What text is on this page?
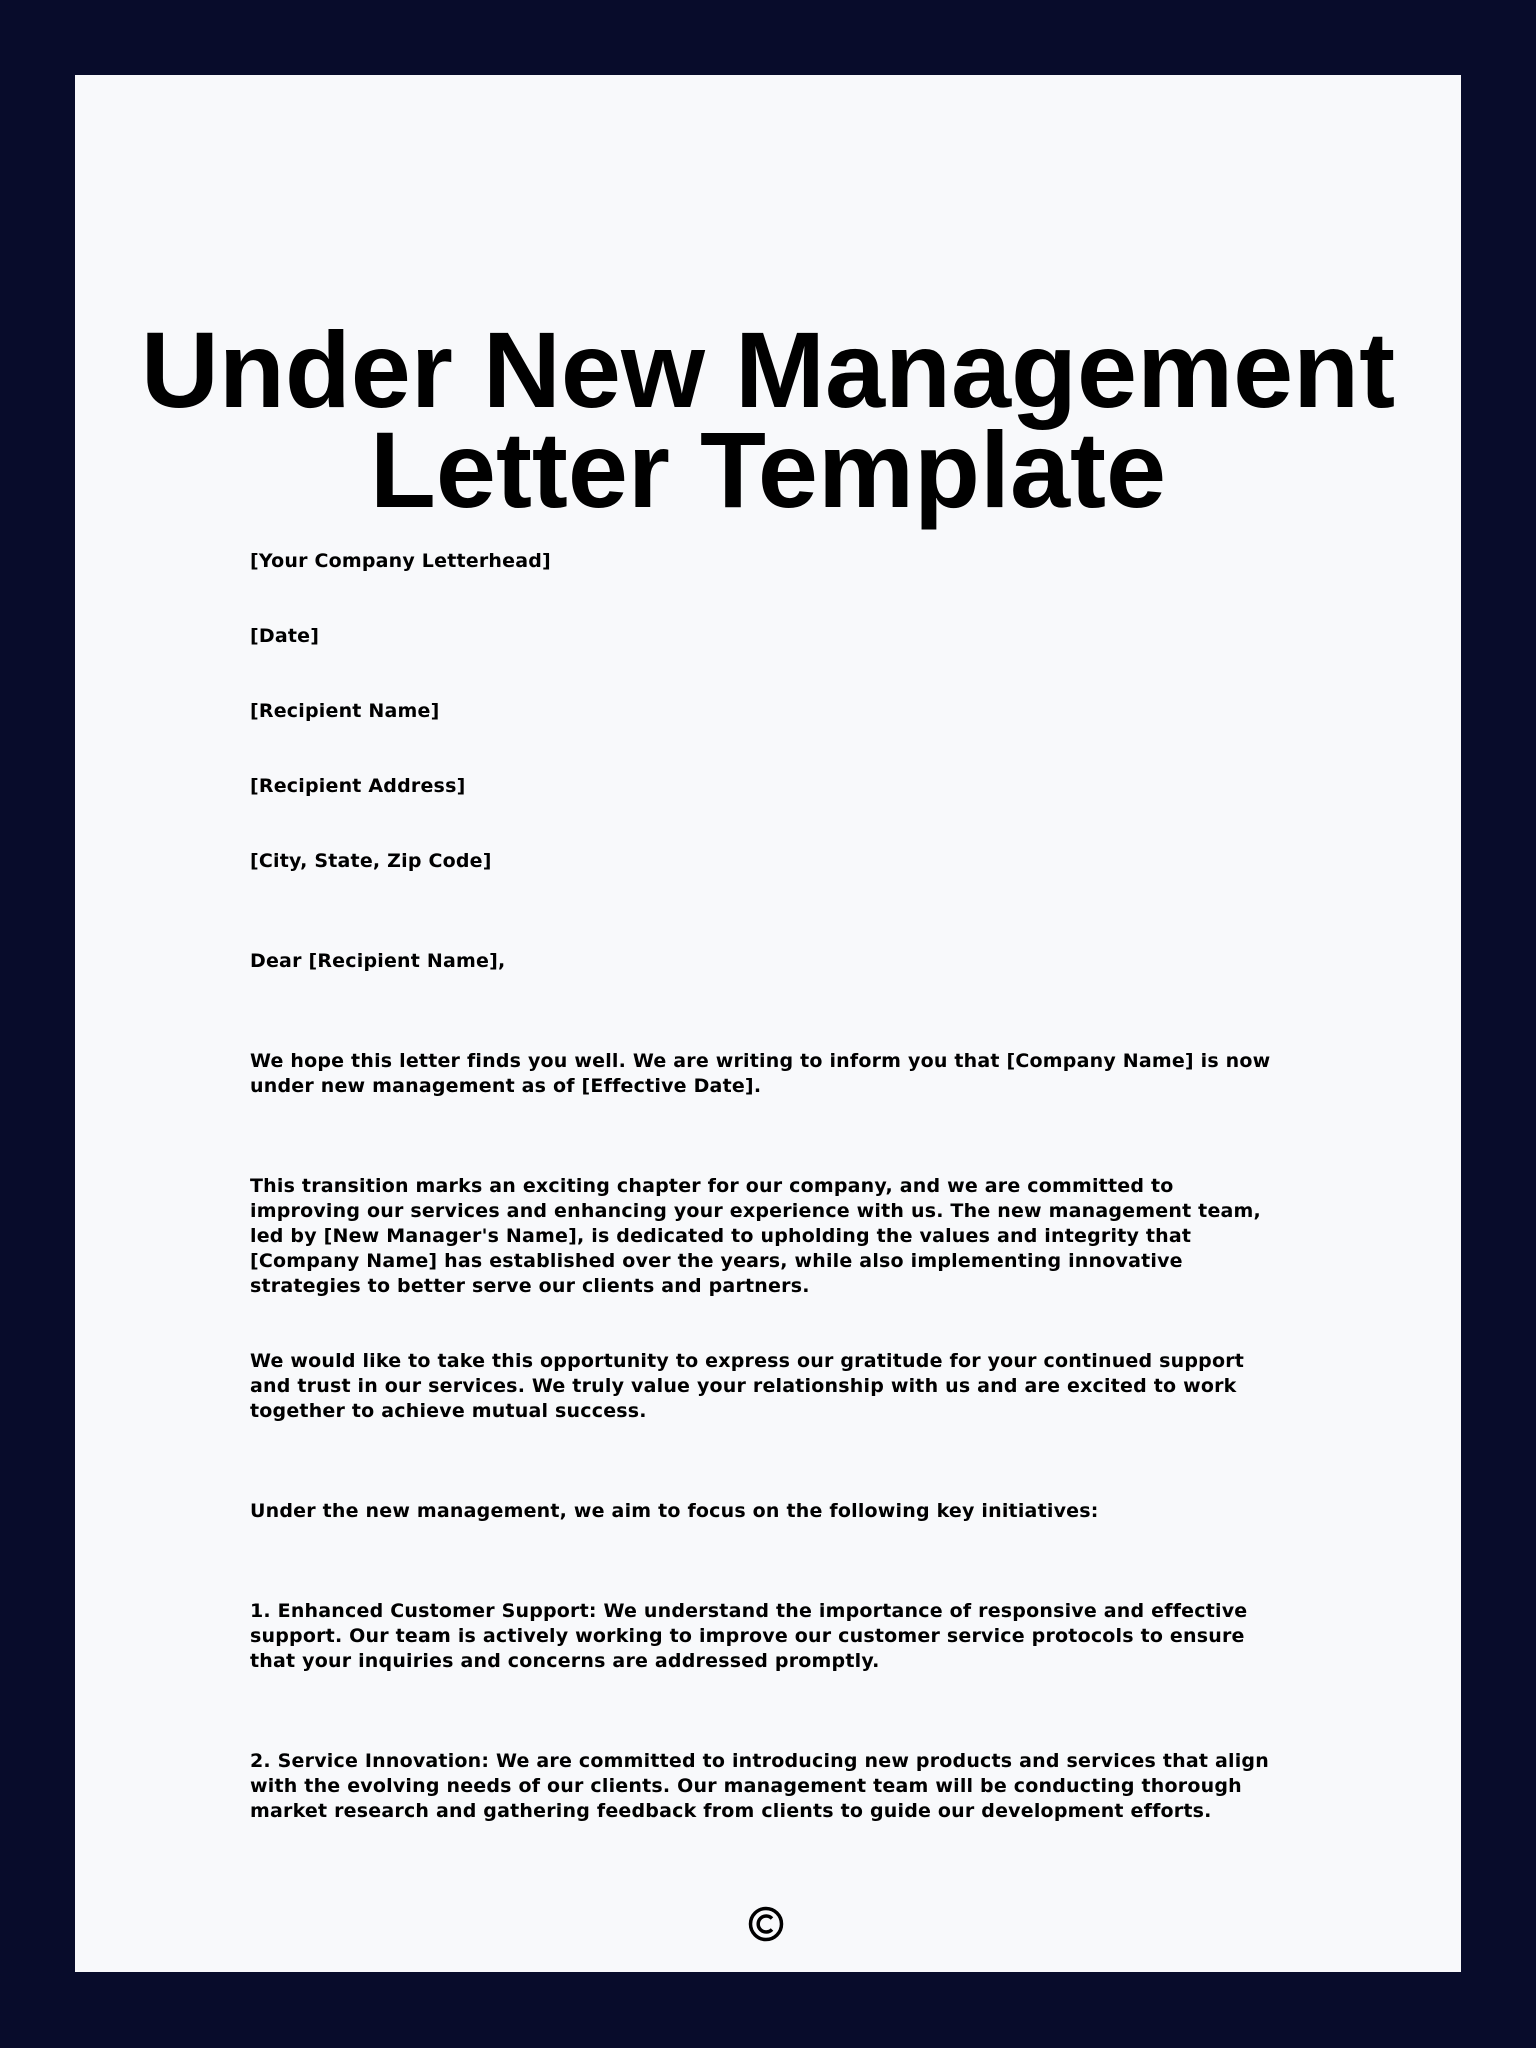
Under New Management
Letter Template

[Your Company Letterhead]

[Date]

[Recipient Name]

[Recipient Address]

[City, State, Zip Code]

Dear [Recipient Name],

We hope this letter finds you well. We are writing to inform you that [Company Name] is now under new management as of [Effective Date].

This transition marks an exciting chapter for our company, and we are committed to improving our services and enhancing your experience with us. The new management team, led by [New Manager's Name], is dedicated to upholding the values and integrity that [Company Name] has established over the years, while also implementing innovative strategies to better serve our clients and partners.

We would like to take this opportunity to express our gratitude for your continued support and trust in our services. We truly value your relationship with us and are excited to work together to achieve mutual success.

Under the new management, we aim to focus on the following key initiatives:

1. Enhanced Customer Support: We understand the importance of responsive and effective support. Our team is actively working to improve our customer service protocols to ensure that your inquiries and concerns are addressed promptly.

2. Service Innovation: We are committed to introducing new products and services that align with the evolving needs of our clients. Our management team will be conducting thorough market research and gathering feedback from clients to guide our development efforts.
